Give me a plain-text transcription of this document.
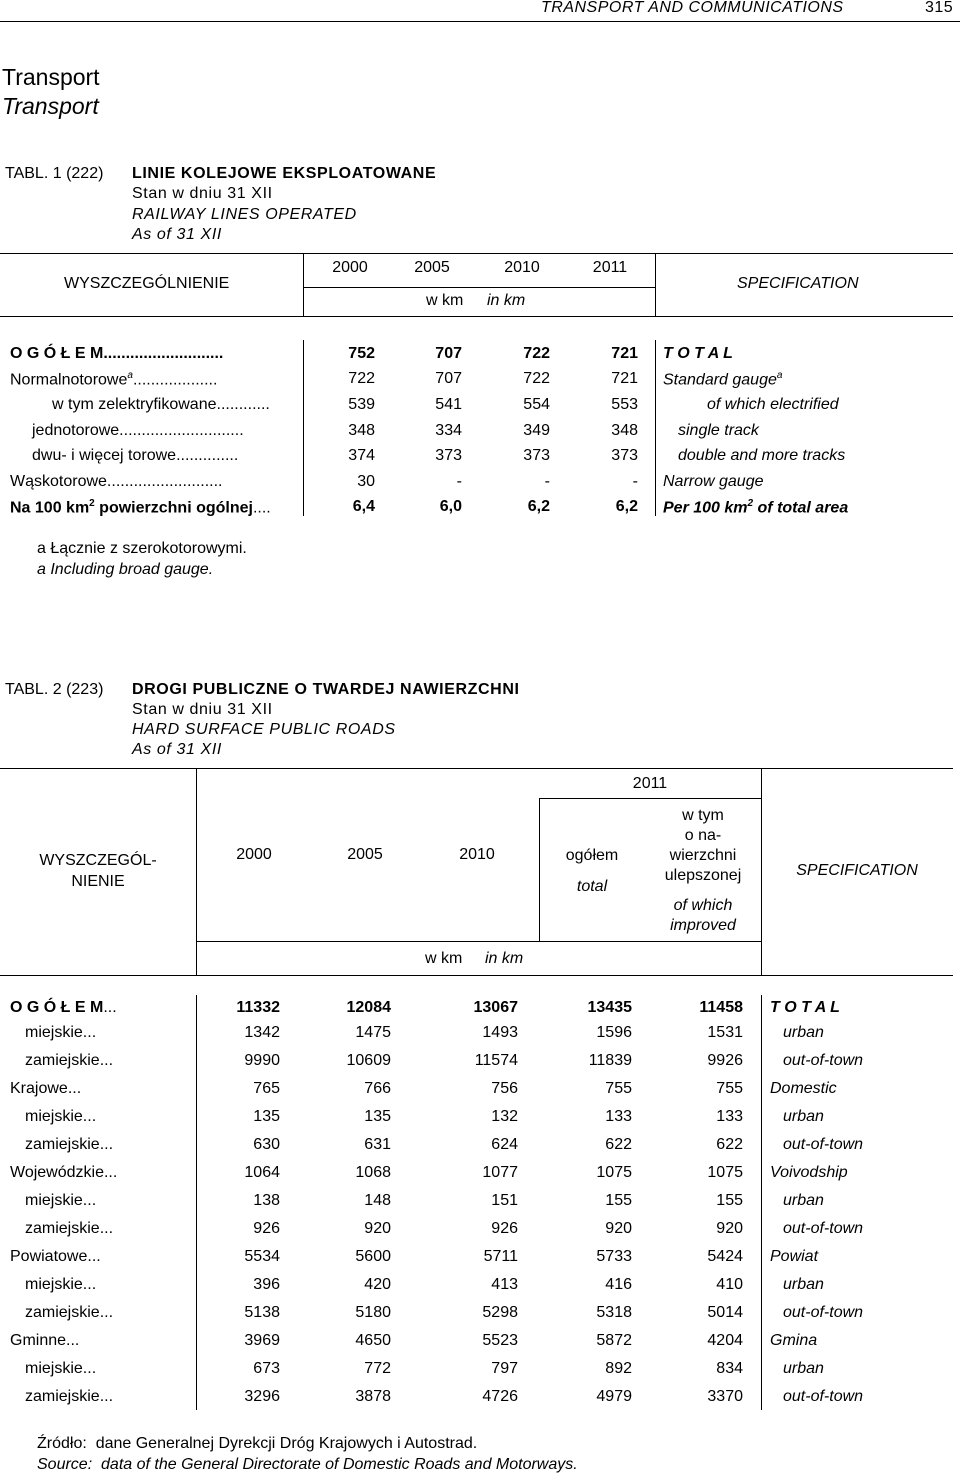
TRANSPORT AND COMMUNICATIONS	315
Transport
Transport
TABL. 1 (222) LINIE KOLEJOWE EKSPLOATOWANE
Stan w dniu 31 XII
RAILWAY LINES OPERATED
As of 31 XII
WYSZCZEGÓLNIENIE	SPECIFICATION
2000	2005	2010	2011
w km in km
O G Ó Ł E M...........................	752	707	722	721 T O T A L
Normalnotorowe$^a$...................	722	707	722	721 Standard gauge$^a$
w tym zelektryfikowane............	539	541	554	553	of which electrified
jednotorowe............................	348	334	349	348	single track
dwu- i więcej torowe..............	374	373	373	373	double and more tracks
Wąskotorowe..........................	30	-	-	- Narrow gauge
Na 100 $km^2$ powierzchni ogólnej....	6,4	6,0	6,2	6,2 Per 100 $km^2$ of total area
a Łącznie z szerokotorowymi.
a Including broad gauge.
TABL. 2 (223) DROGI PUBLICZNE O TWARDEJ NAWIERZCHNI
Stan w dniu 31 XII
HARD SURFACE PUBLIC ROADS
As of 31 XII
WYSZCZEGÓL-
NIENIE
SPECIFICATION
2000	2005	2010
2011
ogółem
total
w tym
o na-
wierzchni
ulepszonej
of which
improved
w km in km
O G Ó Ł E M...	11332	12084	13067	13435	11458 T O T A L
miejskie...	1342	1475	1493	1596	1531	urban
zamiejskie...	9990	10609	11574	11839	9926	out-of-town
Krajowe...	765	766	756	755	755 Domestic
miejskie...	135	135	132	133	133	urban
zamiejskie...	630	631	624	622	622	out-of-town
Wojewódzkie...	1064	1068	1077	1075	1075 Voivodship
miejskie...	138	148	151	155	155	urban
zamiejskie...	926	920	926	920	920	out-of-town
Powiatowe...	5534	5600	5711	5733	5424 Powiat
miejskie...	396	420	413	416	410	urban
zamiejskie...	5138	5180	5298	5318	5014	out-of-town
Gminne...	3969	4650	5523	5872	4204 Gmina
miejskie...	673	772	797	892	834	urban
zamiejskie...	3296	3878	4726	4979	3370	out-of-town
Źródło: dane Generalnej Dyrekcji Dróg Krajowych i Autostrad.
Source: data of the General Directorate of Domestic Roads and Motorways.
